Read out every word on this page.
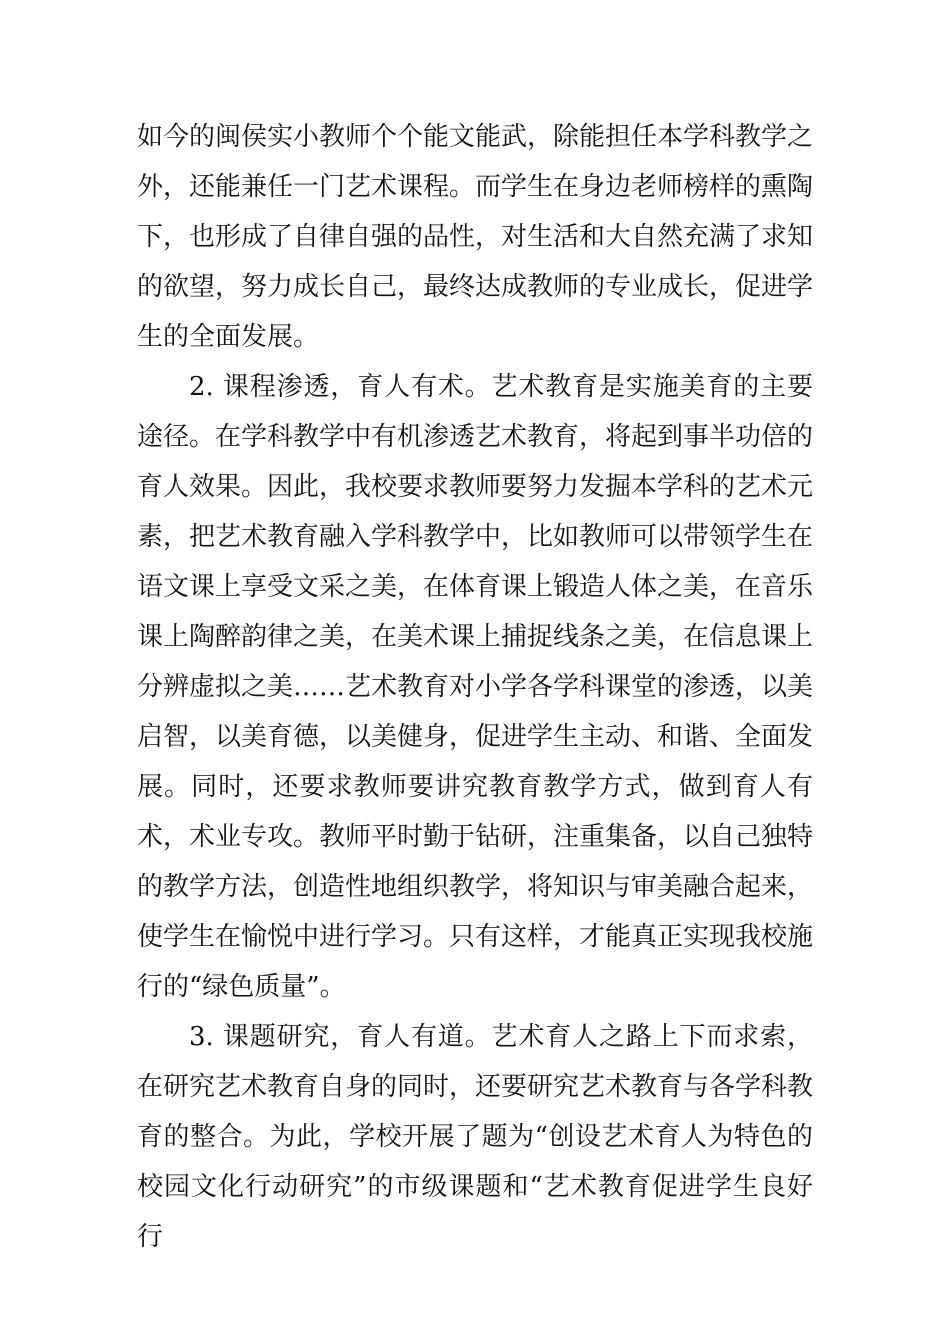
如今的闽侯实小教师个个能文能武，除能担任本学科教学之外，还能兼任一门艺术课程。而学生在身边老师榜样的熏陶下，也形成了自律自强的品性，对生活和大自然充满了求知的欲望，努力成长自己，最终达成教师的专业成长，促进学生的全面发展。

2. 课程渗透，育人有术。艺术教育是实施美育的主要途径。在学科教学中有机渗透艺术教育，将起到事半功倍的育人效果。因此，我校要求教师要努力发掘本学科的艺术元素，把艺术教育融入学科教学中，比如教师可以带领学生在语文课上享受文采之美，在体育课上锻造人体之美，在音乐课上陶醉韵律之美，在美术课上捕捉线条之美，在信息课上分辨虚拟之美……艺术教育对小学各学科课堂的渗透，以美启智，以美育德，以美健身，促进学生主动、和谐、全面发展。同时，还要求教师要讲究教育教学方式，做到育人有术，术业专攻。教师平时勤于钻研，注重集备，以自己独特的教学方法，创造性地组织教学，将知识与审美融合起来，使学生在愉悦中进行学习。只有这样，才能真正实现我校施行的“绿色质量”。

3. 课题研究，育人有道。艺术育人之路上下而求索，在研究艺术教育自身的同时，还要研究艺术教育与各学科教育的整合。为此，学校开展了题为“创设艺术育人为特色的校园文化行动研究”的市级课题和“艺术教育促进学生良好行
